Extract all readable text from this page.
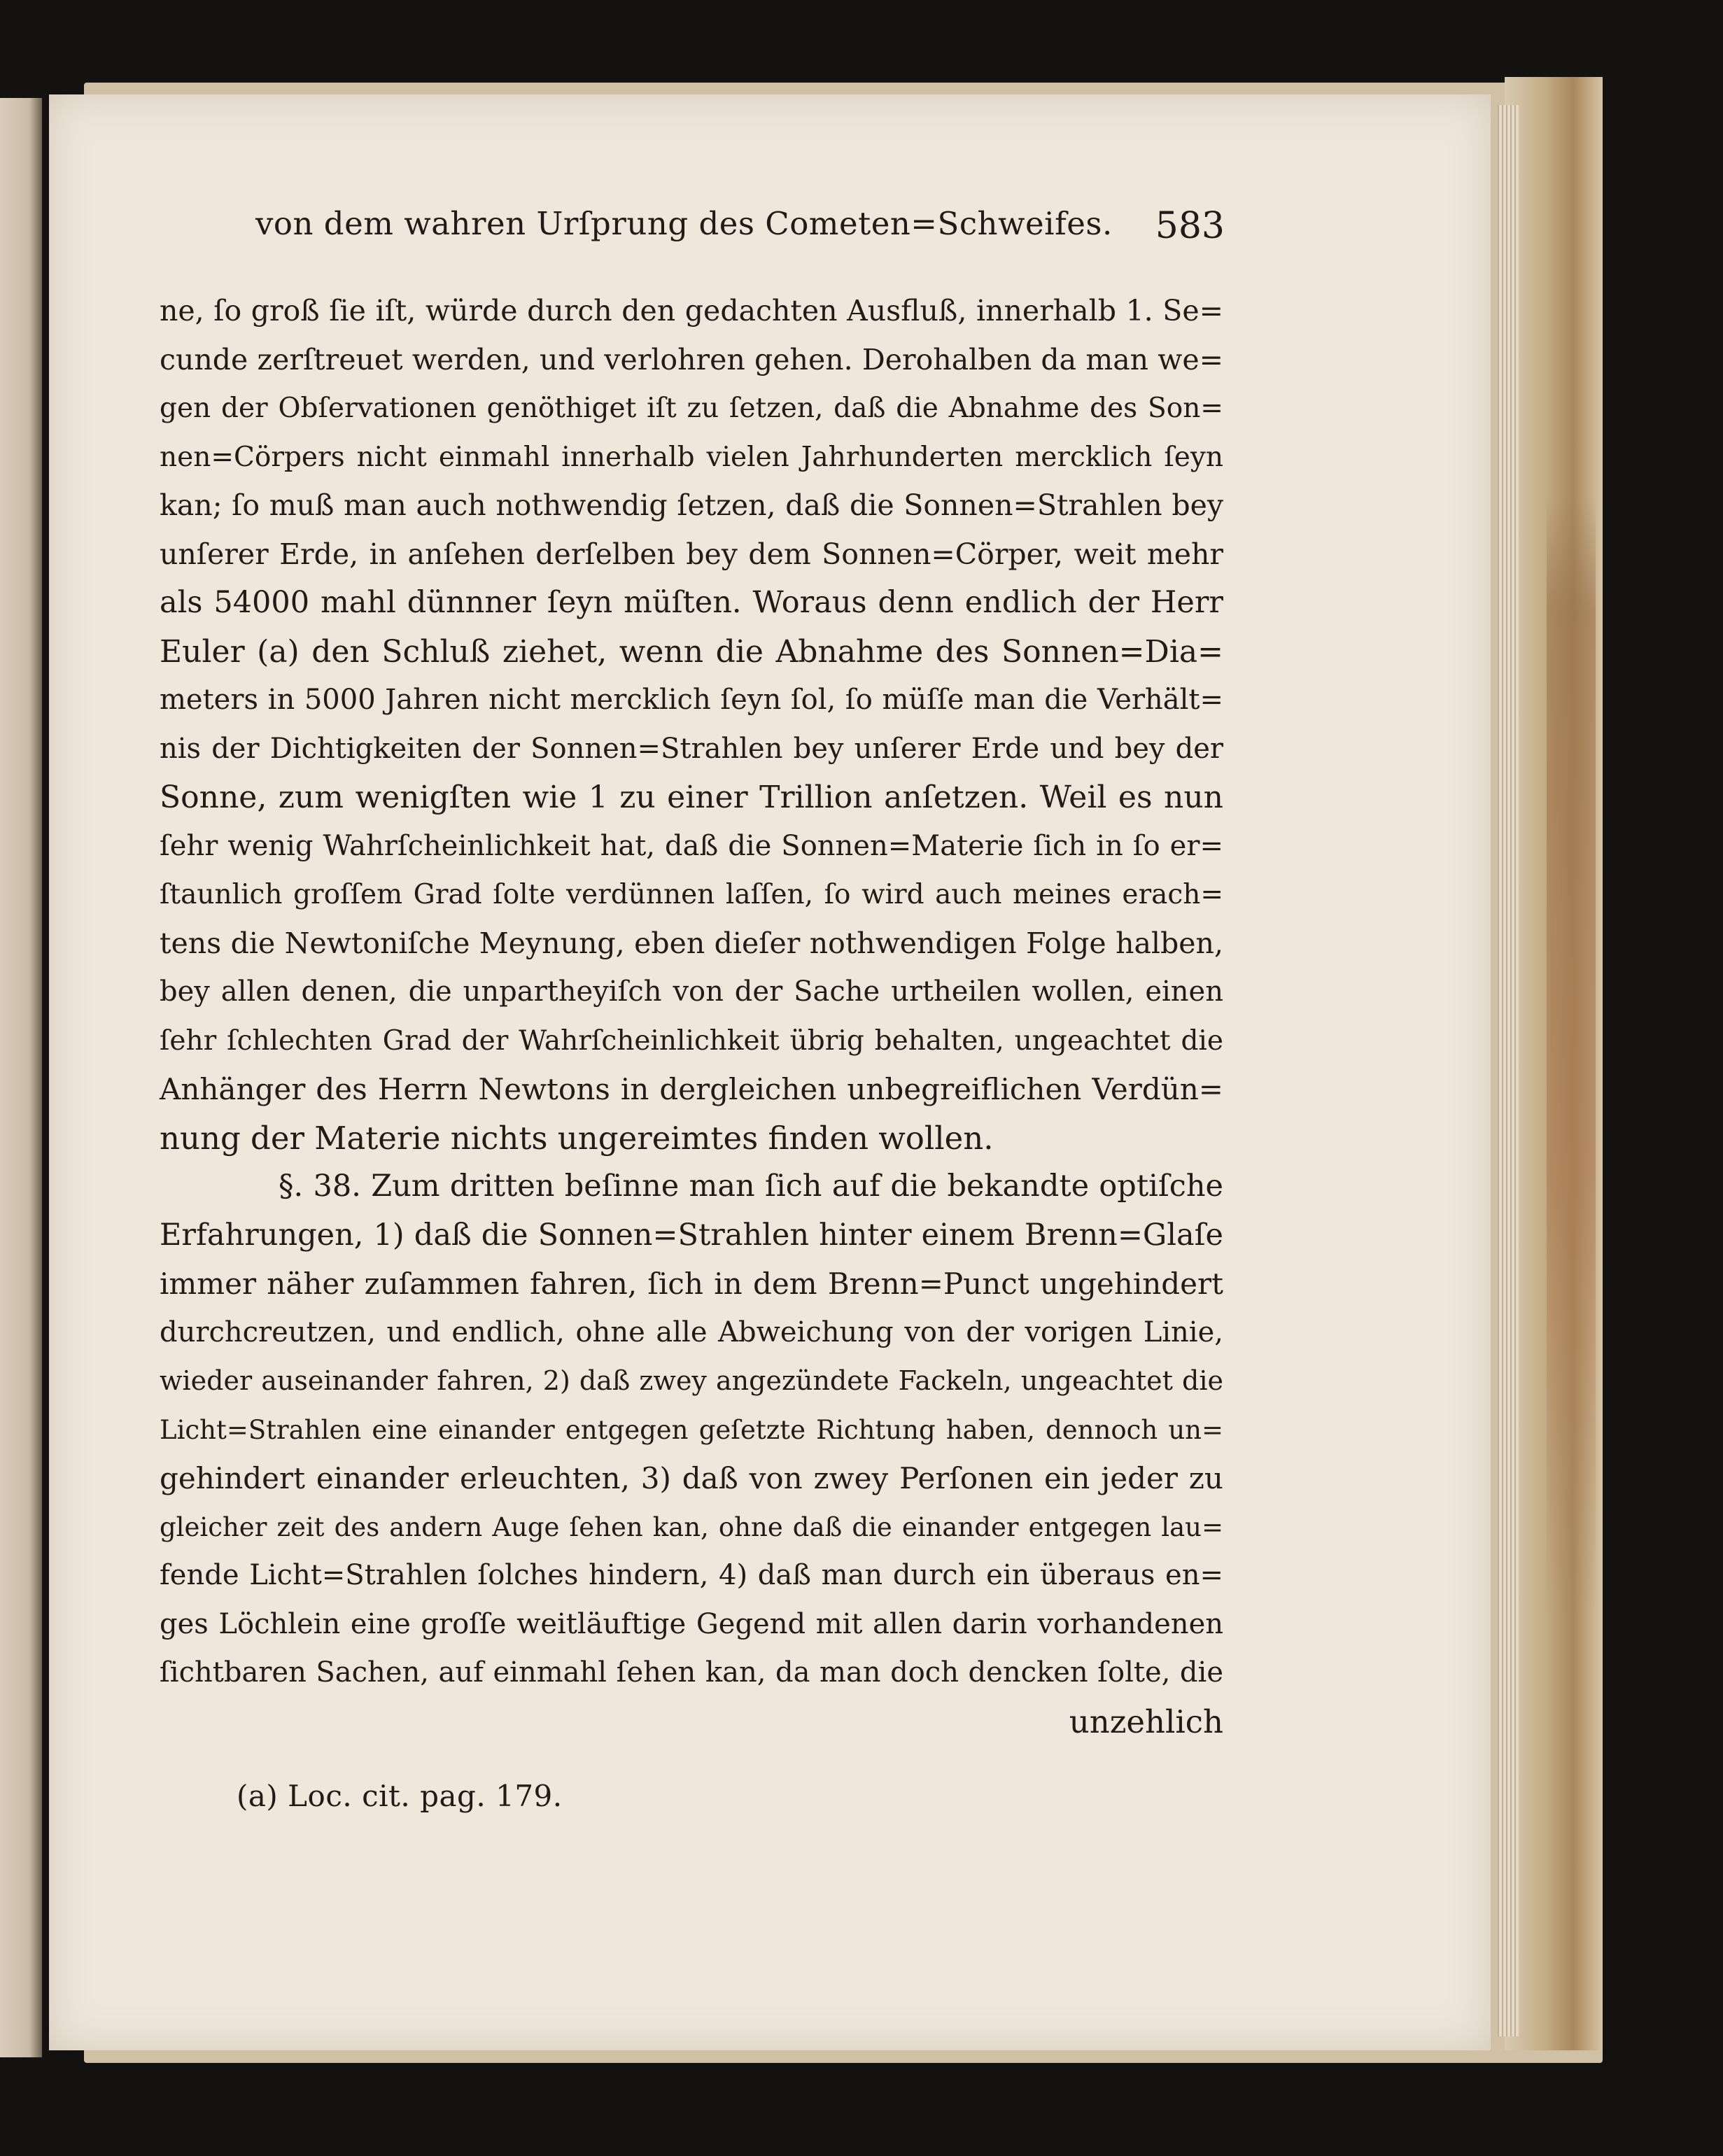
von dem wahren Urſprung des Cometen=Schweifes. 583
ne, ſo groß ſie iſt, würde durch den gedachten Ausfluß, innerhalb 1. Se=
cunde zerſtreuet werden, und verlohren gehen. Derohalben da man we=
gen der Obſervationen genöthiget iſt zu ſetzen, daß die Abnahme des Son=
nen=Cörpers nicht einmahl innerhalb vielen Jahrhunderten mercklich ſeyn
kan; ſo muß man auch nothwendig ſetzen, daß die Sonnen=Strahlen bey
unſerer Erde, in anſehen derſelben bey dem Sonnen=Cörper, weit mehr
als 54000 mahl dünnner ſeyn müſten. Woraus denn endlich der Herr
Euler (a) den Schluß ziehet, wenn die Abnahme des Sonnen=Dia=
meters in 5000 Jahren nicht mercklich ſeyn ſol, ſo müſſe man die Verhält=
nis der Dichtigkeiten der Sonnen=Strahlen bey unſerer Erde und bey der
Sonne, zum wenigſten wie 1 zu einer Trillion anſetzen. Weil es nun
ſehr wenig Wahrſcheinlichkeit hat, daß die Sonnen=Materie ſich in ſo er=
ſtaunlich groſſem Grad ſolte verdünnen laſſen, ſo wird auch meines erach=
tens die Newtoniſche Meynung, eben dieſer nothwendigen Folge halben,
bey allen denen, die unpartheyiſch von der Sache urtheilen wollen, einen
ſehr ſchlechten Grad der Wahrſcheinlichkeit übrig behalten, ungeachtet die
Anhänger des Herrn Newtons in dergleichen unbegreiflichen Verdün=
nung der Materie nichts ungereimtes finden wollen.
§. 38. Zum dritten beſinne man ſich auf die bekandte optiſche
Erfahrungen, 1) daß die Sonnen=Strahlen hinter einem Brenn=Glaſe
immer näher zuſammen fahren, ſich in dem Brenn=Punct ungehindert
durchcreutzen, und endlich, ohne alle Abweichung von der vorigen Linie,
wieder auseinander fahren, 2) daß zwey angezündete Fackeln, ungeachtet die
Licht=Strahlen eine einander entgegen geſetzte Richtung haben, dennoch un=
gehindert einander erleuchten, 3) daß von zwey Perſonen ein jeder zu
gleicher zeit des andern Auge ſehen kan, ohne daß die einander entgegen lau=
fende Licht=Strahlen ſolches hindern, 4) daß man durch ein überaus en=
ges Löchlein eine groſſe weitläuftige Gegend mit allen darin vorhandenen
ſichtbaren Sachen, auf einmahl ſehen kan, da man doch dencken ſolte, die
unzehlich
(a) Loc. cit. pag. 179.
